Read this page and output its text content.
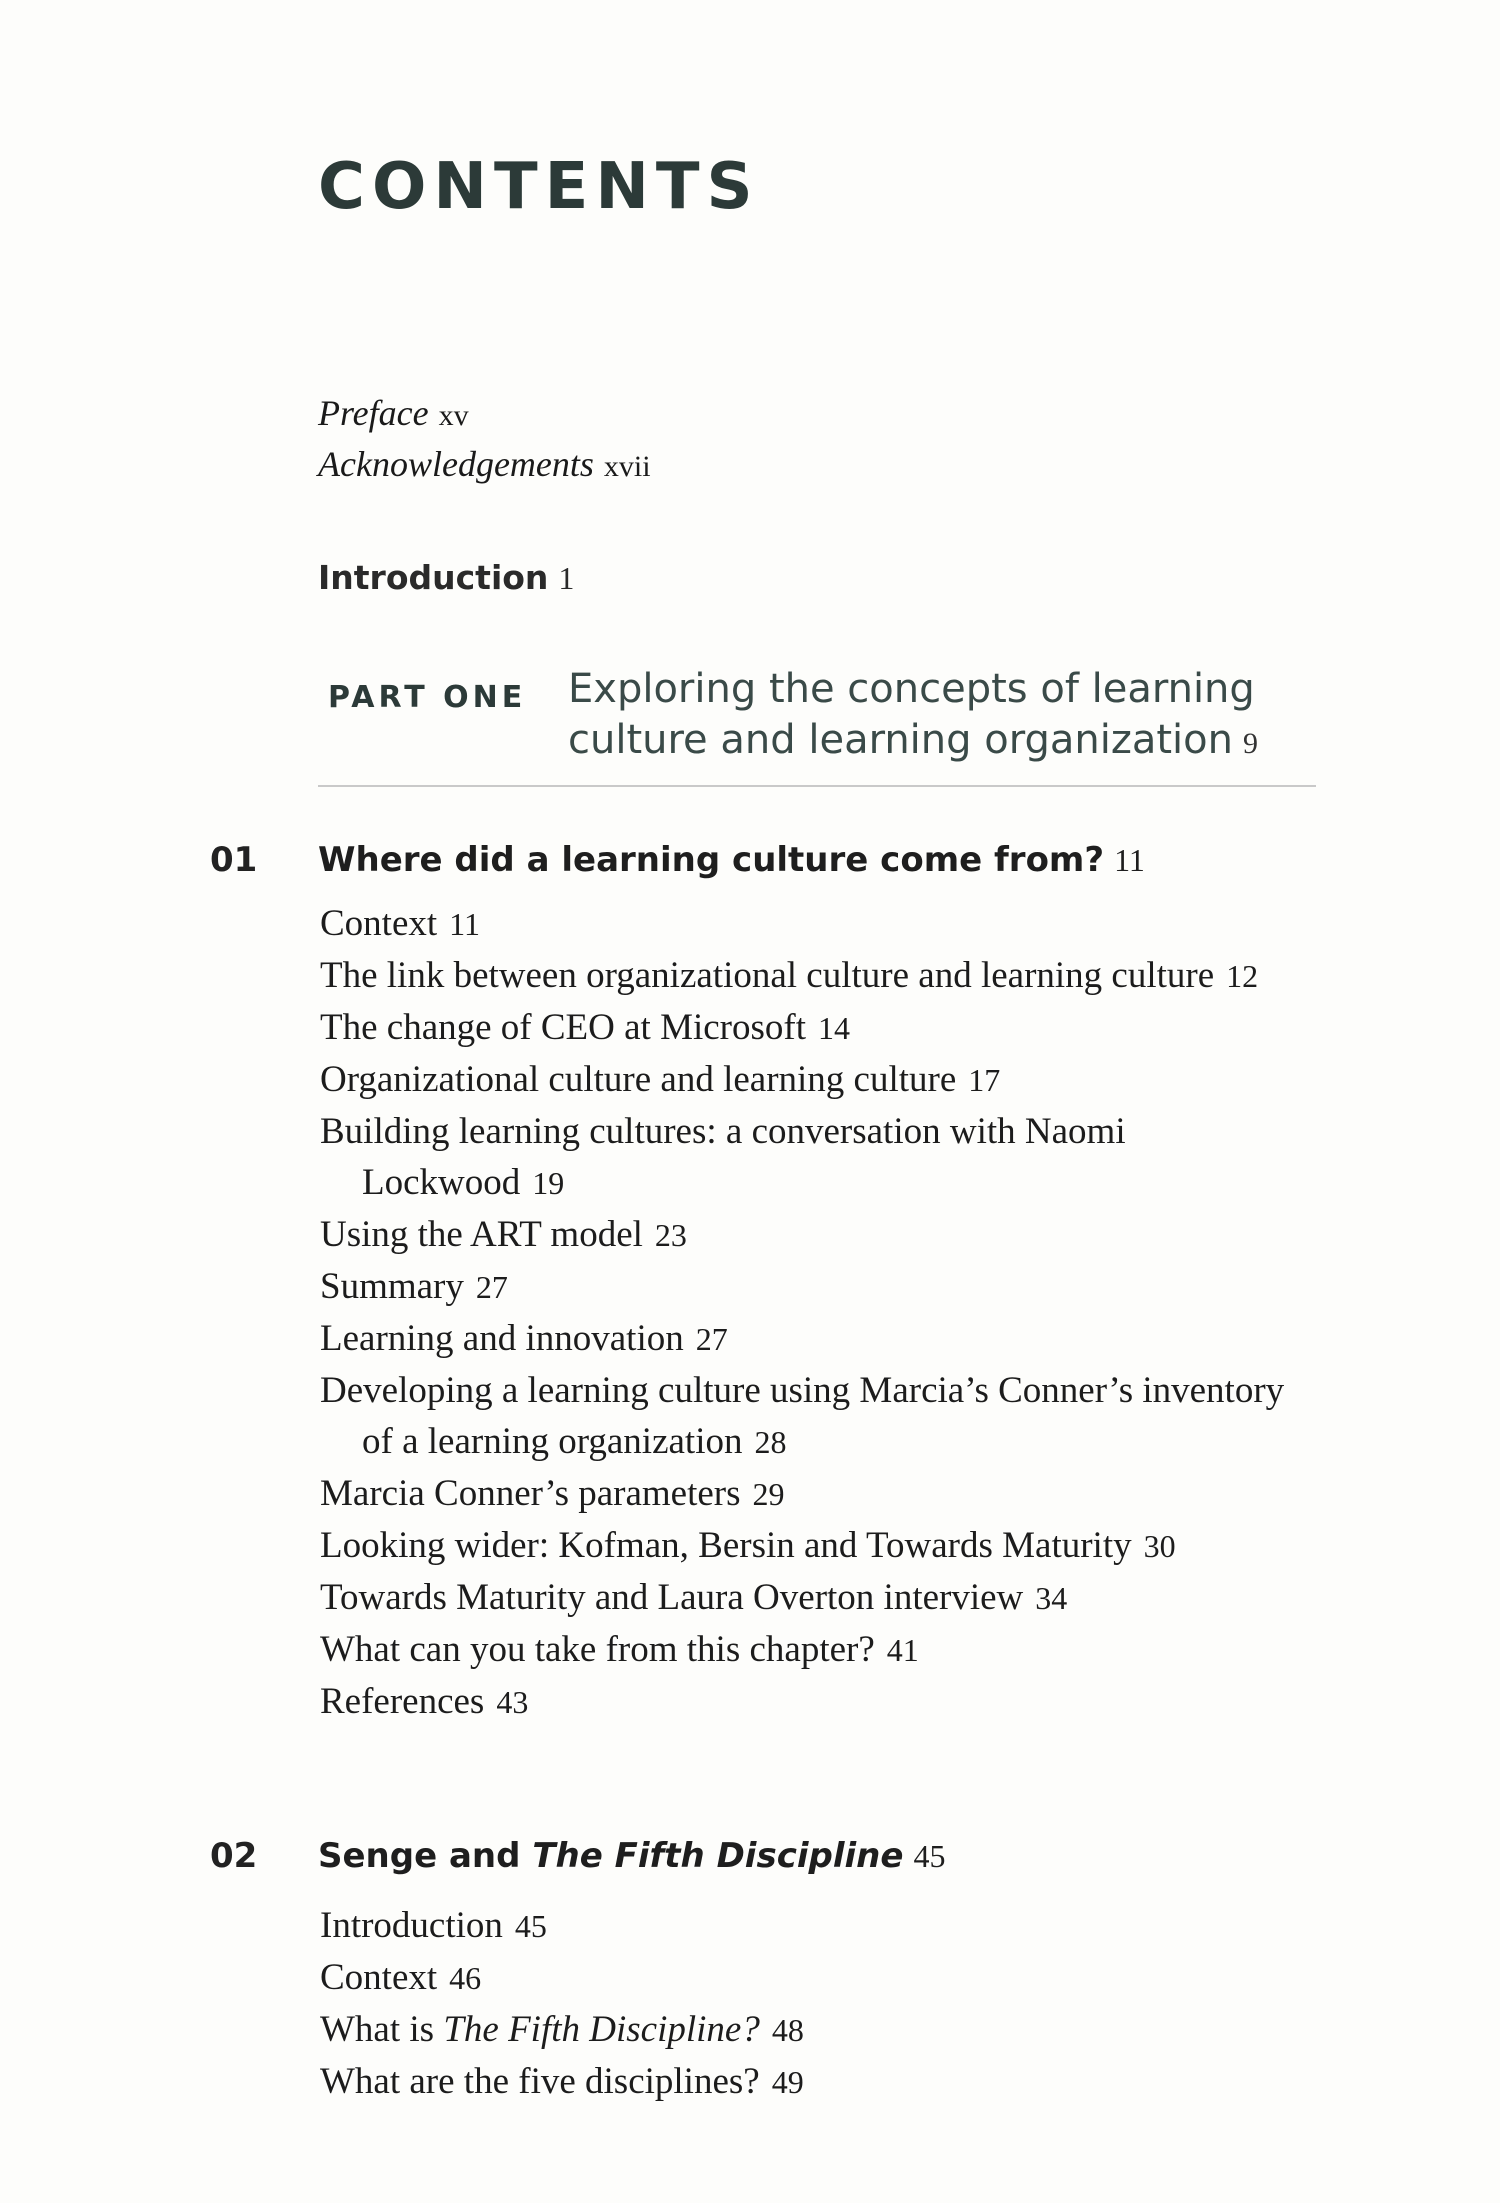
CONTENTS
Preface xv
Acknowledgements xvii
Introduction 1
PART ONE Exploring the concepts of learning
culture and learning organization 9
01 Where did a learning culture come from? 11
Context 11
The link between organizational culture and learning culture 12
The change of CEO at Microsoft 14
Organizational culture and learning culture 17
Building learning cultures: a conversation with Naomi Lockwood 19
Using the ART model 23
Summary 27
Learning and innovation 27
Developing a learning culture using Marcia’s Conner’s inventory of a learning organization 28
Marcia Conner’s parameters 29
Looking wider: Kofman, Bersin and Towards Maturity 30
Towards Maturity and Laura Overton interview 34
What can you take from this chapter? 41
References 43
02 Senge and The Fifth Discipline 45
Introduction 45
Context 46
What is The Fifth Discipline? 48
What are the five disciplines? 49
